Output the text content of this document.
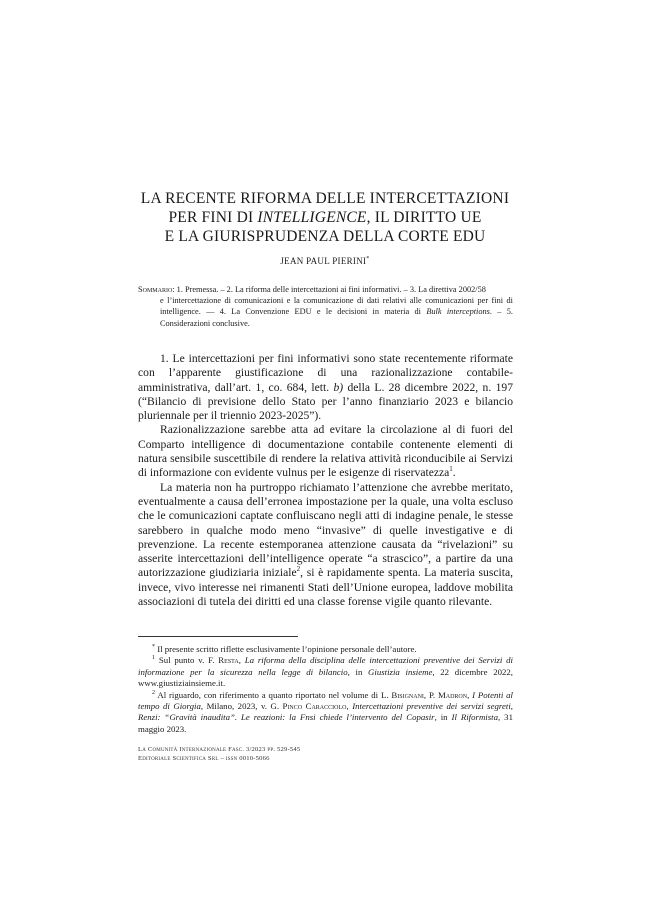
LA RECENTE RIFORMA DELLE INTERCETTAZIONI
PER FINI DI INTELLIGENCE, IL DIRITTO UE
E LA GIURISPRUDENZA DELLA CORTE EDU
JEAN PAUL PIERINI*
Sommario: 1. Premessa. – 2. La riforma delle intercettazioni ai fini informativi. – 3. La direttiva 2002/58
e l’intercettazione di comunicazioni e la comunicazione di dati relativi alle comunicazioni per fini di intelligence. — 4. La Convenzione EDU e le decisioni in materia di Bulk interceptions. – 5. Considerazioni conclusive.

1. Le intercettazioni per fini informativi sono state recentemente riformate con l’apparente giustificazione di una razionalizzazione contabile-amministrativa, dall’art. 1, co. 684, lett. b) della L. 28 dicembre 2022, n. 197 (“Bilancio di previsione dello Stato per l’anno finanziario 2023 e bilancio pluriennale per il triennio 2023-2025”).

Razionalizzazione sarebbe atta ad evitare la circolazione al di fuori del Comparto intelligence di documentazione contabile contenente elementi di natura sensibile suscettibile di rendere la relativa attività riconducibile ai Servizi di informazione con evidente vulnus per le esigenze di riservatezza$^1$.

La materia non ha purtroppo richiamato l’attenzione che avrebbe meritato, eventualmente a causa dell’erronea impostazione per la quale, una volta escluso che le comunicazioni captate confluiscano negli atti di indagine penale, le stesse sarebbero in qualche modo meno “invasive” di quelle investigative e di prevenzione. La recente estemporanea attenzione causata da “rivelazioni” su asserite intercettazioni dell’intelligence operate “a strascico”, a partire da una autorizzazione giudiziaria iniziale$^2$, si è rapidamente spenta. La materia suscita, invece, vivo interesse nei rimanenti Stati dell’Unione europea, laddove mobilita associazioni di tutela dei diritti ed una classe forense vigile quanto rilevante.

* Il presente scritto riflette esclusivamente l’opinione personale dell’autore.

$^1$ Sul punto v. F. Resta, La riforma della disciplina delle intercettazioni preventive dei Servizi di informazione per la sicurezza nella legge di bilancio, in Giustizia insieme, 22 dicembre 2022, www.giustiziainsieme.it.

$^2$ Al riguardo, con riferimento a quanto riportato nel volume di L. Bisignani, P. Madron, I Potenti al tempo di Giorgia, Milano, 2023, v. G. Pinco Caracciolo, Intercettazioni preventive dei servizi segreti, Renzi: “Gravità inaudita”. Le reazioni: la Fnsi chiede l’intervento del Copasir, in Il Riformista, 31 maggio 2023.

La Comunità Internazionale Fasc. 3/2023 pp. 529-545
Editoriale Scientifica Srl – issn 0010-5066
